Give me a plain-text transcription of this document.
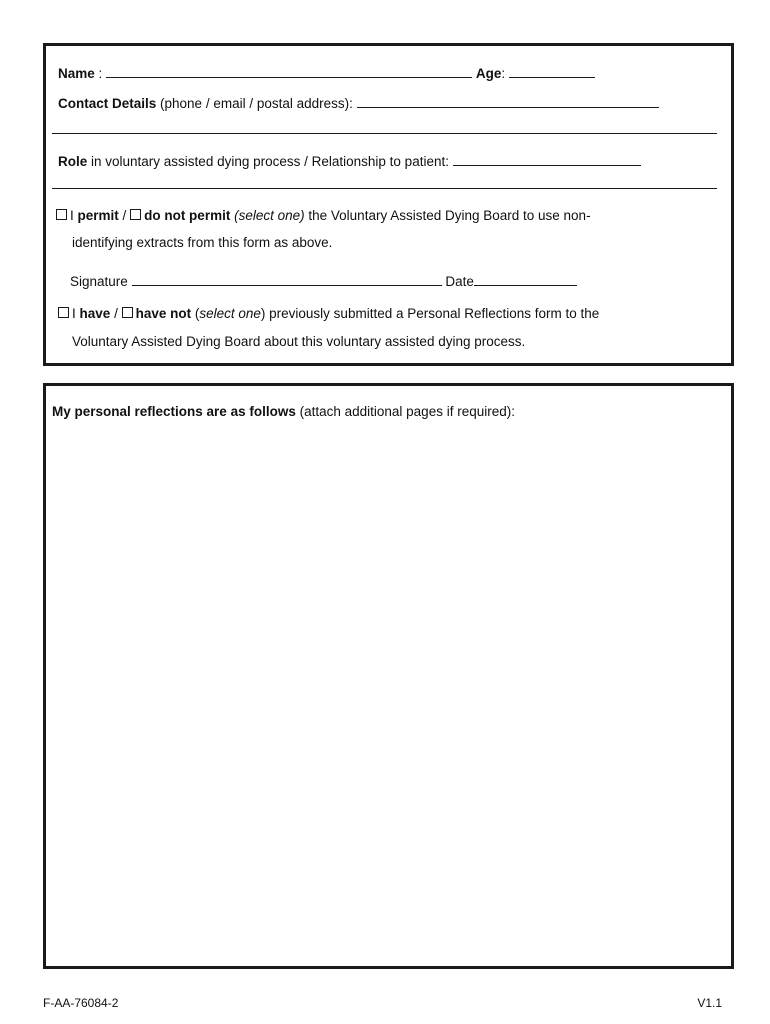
Name :	Age:
Contact Details (phone / email / postal address):
Role in voluntary assisted dying process / Relationship to patient:
I permit / do not permit (select one) the Voluntary Assisted Dying Board to use non-
identifying extracts from this form as above.
Signature	Date
I have / have not (select one) previously submitted a Personal Reflections form to the
Voluntary Assisted Dying Board about this voluntary assisted dying process.
My personal reflections are as follows (attach additional pages if required):
F-AA-76084-2	V1.1
